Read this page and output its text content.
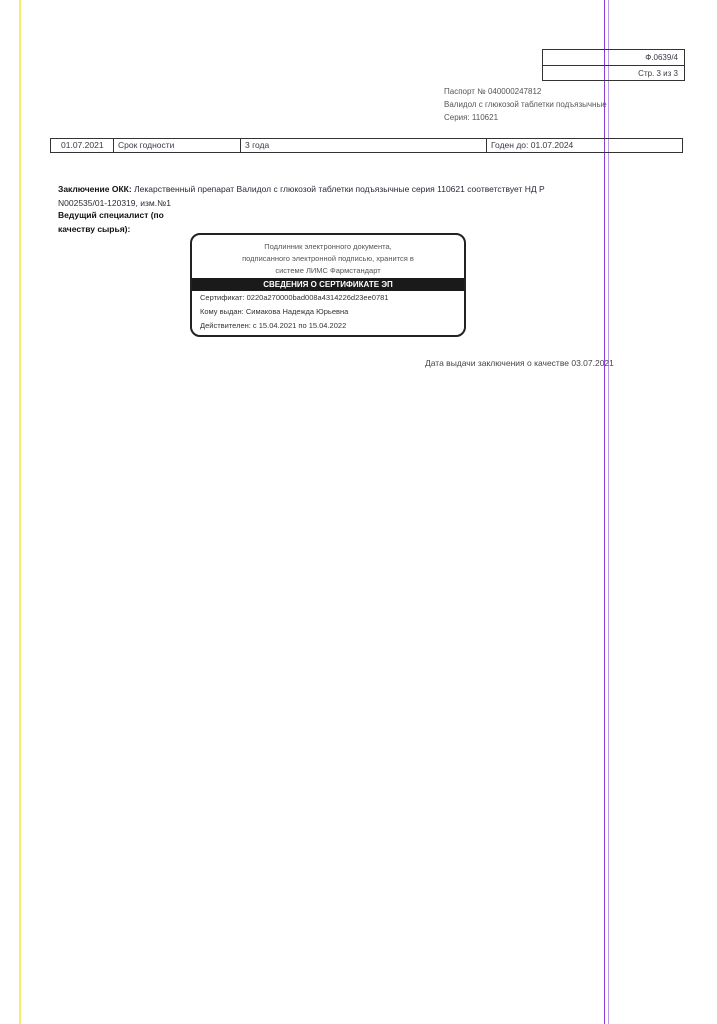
Ф.0639/4
Стр. 3 из 3
Паспорт № 040000247812
Валидол с глюкозой таблетки подъязычные
Серия: 110621
01.07.2021	Срок годности	3 года	Годен до: 01.07.2024
Заключение ОКК: Лекарственный препарат Валидол с глюкозой таблетки подъязычные серия 110621 соответствует НД Р N002535/01-120319, изм.№1
Ведущий специалист (по качеству сырья):
Подлинник электронного документа,
подписанного электронной подписью, хранится в
системе ЛИМС Фармстандарт
СВЕДЕНИЯ О СЕРТИФИКАТЕ ЭП
Сертификат: 0220a270000bad008a4314226d23ee0781
Кому выдан: Симакова Надежда Юрьевна
Действителен: с 15.04.2021 по 15.04.2022
Дата выдачи заключения о качестве 03.07.2021
